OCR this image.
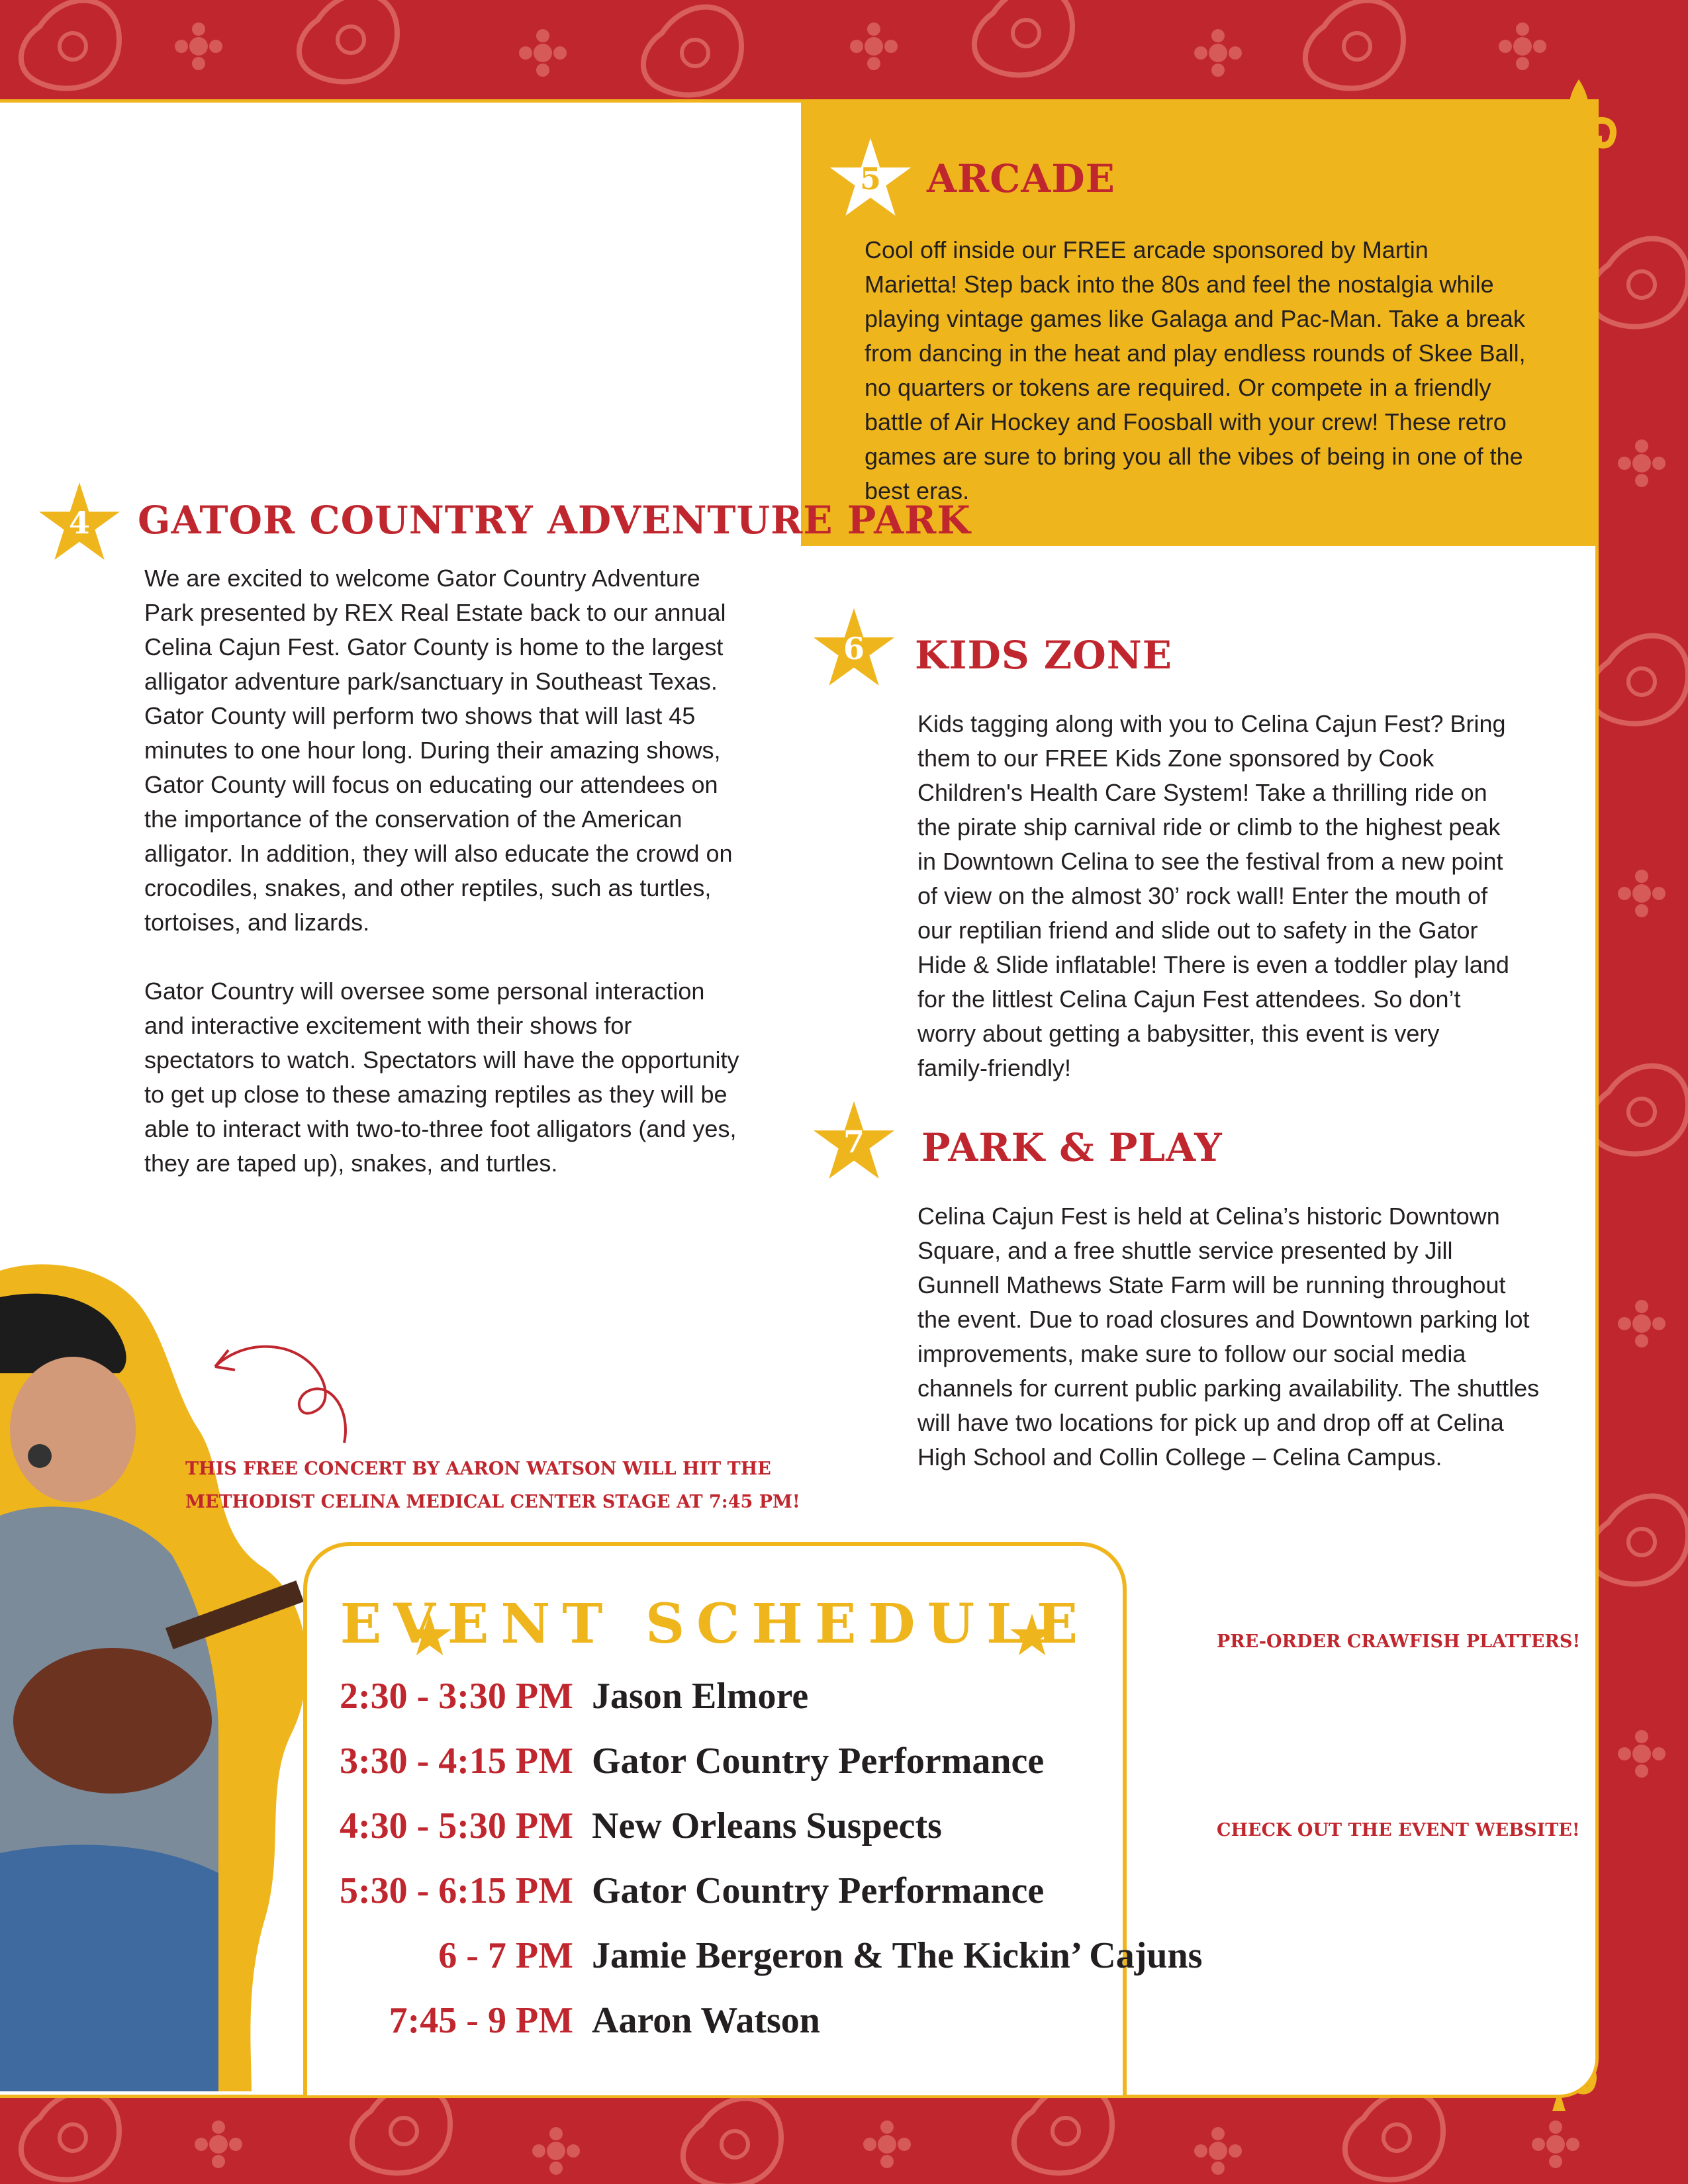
5	ARCADE
Cool off inside our FREE arcade sponsored by Martin Marietta! Step back into the 80s and feel the nostalgia while playing vintage games like Galaga and Pac-Man. Take a break from dancing in the heat and play endless rounds of Skee Ball, no quarters or tokens are required. Or compete in a friendly battle of Air Hockey and Foosball with your crew! These retro games are sure to bring you all the vibes of being in one of the best eras.
4	GATOR COUNTRY ADVENTURE PARK

We are excited to welcome Gator Country Adventure Park presented by REX Real Estate back to our annual Celina Cajun Fest. Gator County is home to the largest alligator adventure park/sanctuary in Southeast Texas. Gator County will perform two shows that will last 45 minutes to one hour long. During their amazing shows, Gator County will focus on educating our attendees on the importance of the conservation of the American alligator. In addition, they will also educate the crowd on crocodiles, snakes, and other reptiles, such as turtles, tortoises, and lizards.

Gator Country will oversee some personal interaction and interactive excitement with their shows for spectators to watch. Spectators will have the opportunity to get up close to these amazing reptiles as they will be able to interact with two-to-three foot alligators (and yes, they are taped up), snakes, and turtles.

6	KIDS ZONE
Kids tagging along with you to Celina Cajun Fest? Bring them to our FREE Kids Zone sponsored by Cook Children's Health Care System! Take a thrilling ride on the pirate ship carnival ride or climb to the highest peak in Downtown Celina to see the festival from a new point of view on the almost 30’ rock wall! Enter the mouth of our reptilian friend and slide out to safety in the Gator Hide & Slide inflatable! There is even a toddler play land for the littlest Celina Cajun Fest attendees. So don’t worry about getting a babysitter, this event is very family-friendly!
7	PARK & PLAY
Celina Cajun Fest is held at Celina’s historic Downtown Square, and a free shuttle service presented by Jill Gunnell Mathews State Farm will be running throughout the event. Due to road closures and Downtown parking lot improvements, make sure to follow our social media channels for current public parking availability. The shuttles will have two locations for pick up and drop off at Celina High School and Collin College – Celina Campus.
THIS FREE CONCERT BY AARON WATSON WILL HIT THE
METHODIST CELINA MEDICAL CENTER STAGE AT 7:45 PM!
PRE-ORDER CRAWFISH PLATTERS!
CHECK OUT THE EVENT WEBSITE!
EVENT SCHEDULE
2:30 - 3:30 PM Jason Elmore
3:30 - 4:15 PM Gator Country Performance
4:30 - 5:30 PM New Orleans Suspects
5:30 - 6:15 PM Gator Country Performance
6 - 7 PM Jamie Bergeron & The Kickin’ Cajuns
7:45 - 9 PM Aaron Watson
